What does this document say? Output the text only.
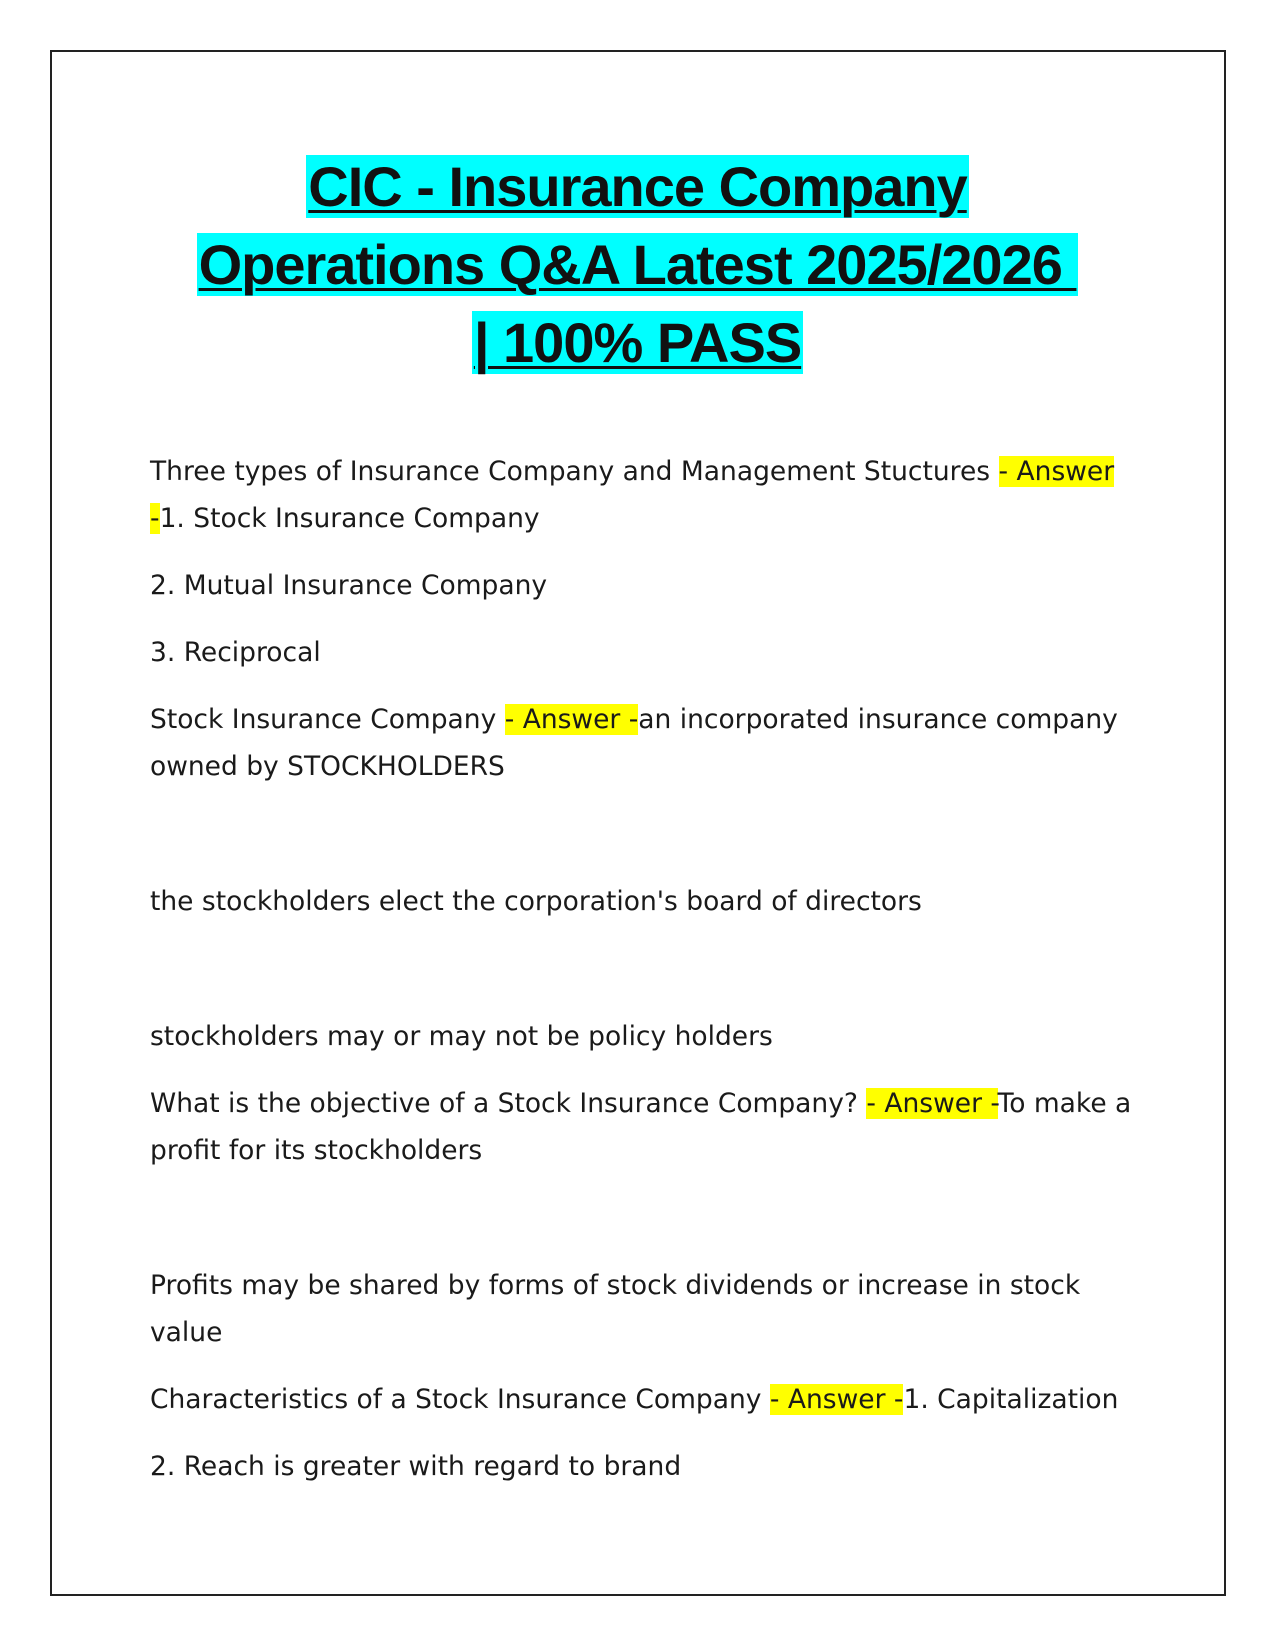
CIC - Insurance Company
Operations Q&A Latest 2025/2026
| 100% PASS

Three types of Insurance Company and Management Stuctures - Answer -1. Stock Insurance Company

2. Mutual Insurance Company

3. Reciprocal

Stock Insurance Company - Answer -an incorporated insurance company owned by STOCKHOLDERS

the stockholders elect the corporation's board of directors

stockholders may or may not be policy holders

What is the objective of a Stock Insurance Company? - Answer -To make a profit for its stockholders

Profits may be shared by forms of stock dividends or increase in stock value

Characteristics of a Stock Insurance Company - Answer -1. Capitalization

2. Reach is greater with regard to brand
